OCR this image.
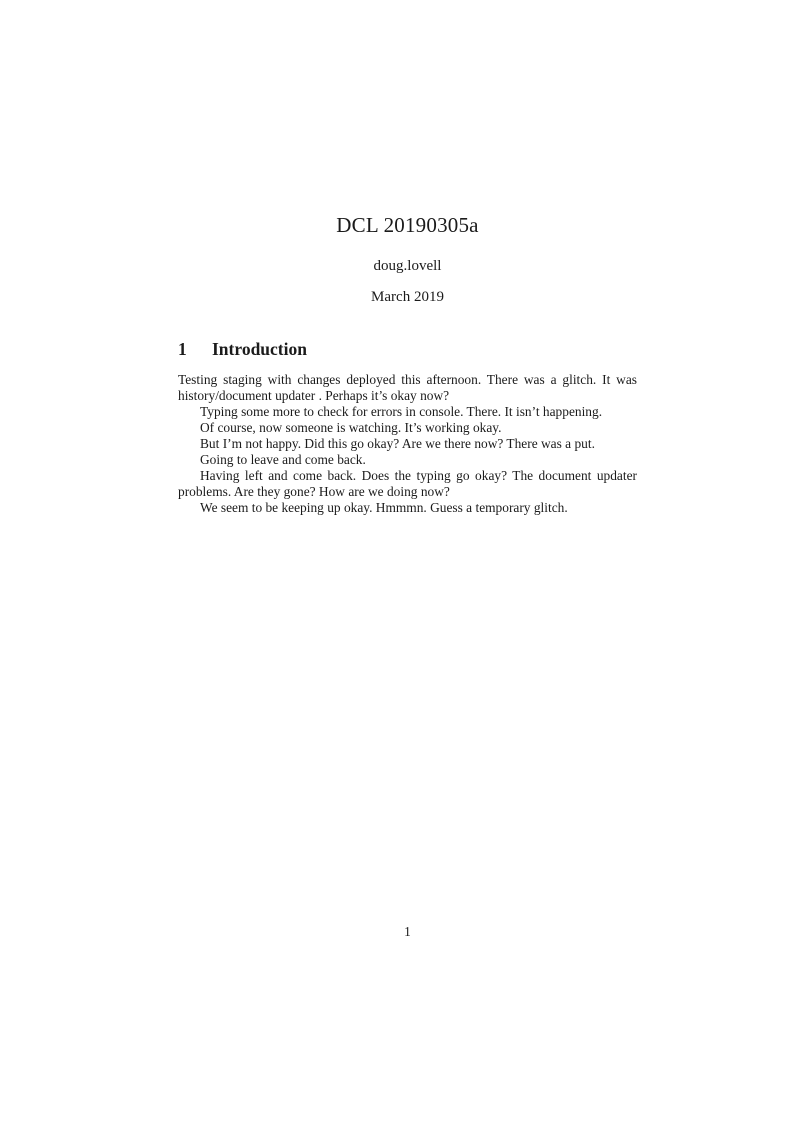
DCL 20190305a
doug.lovell
March 2019
1	Introduction

Testing staging with changes deployed this afternoon. There was a glitch. It was history/document updater . Perhaps it’s okay now?

Typing some more to check for errors in console. There. It isn’t happening.

Of course, now someone is watching. It’s working okay.

But I’m not happy. Did this go okay? Are we there now? There was a put.

Going to leave and come back.

Having left and come back. Does the typing go okay? The document updater problems. Are they gone? How are we doing now?

We seem to be keeping up okay. Hmmmn. Guess a temporary glitch.

1
